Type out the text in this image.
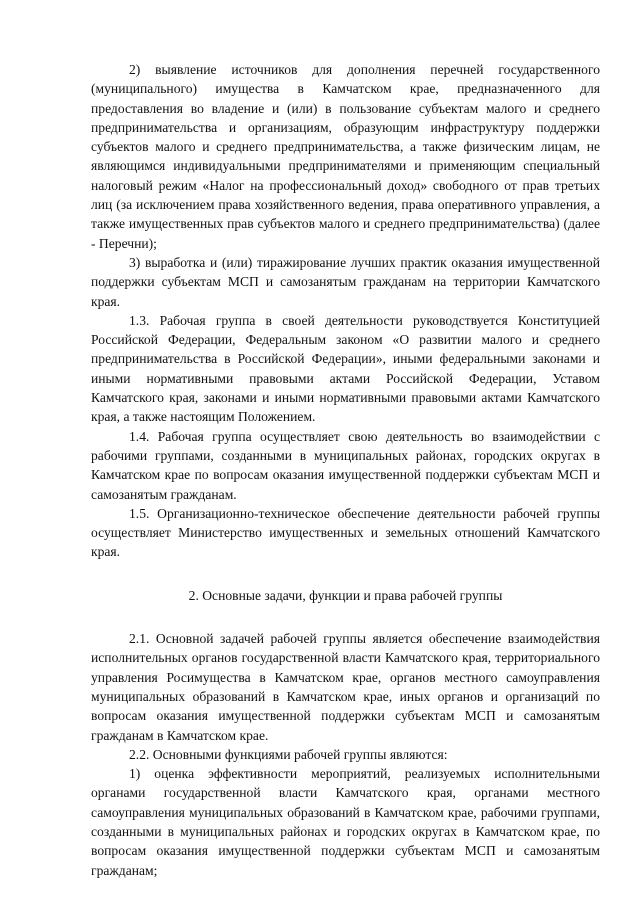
2) выявление источников для дополнения перечней государственного (муниципального) имущества в Камчатском крае, предназначенного для предоставления во владение и (или) в пользование субъектам малого и среднего предпринимательства и организациям, образующим инфраструктуру поддержки субъектов малого и среднего предпринимательства, а также физическим лицам, не являющимся индивидуальными предпринимателями и применяющим специальный налоговый режим «Налог на профессиональный доход» свободного от прав третьих лиц (за исключением права хозяйственного ведения, права оперативного управления, а также имущественных прав субъектов малого и среднего предпринимательства) (далее - Перечни);

3) выработка и (или) тиражирование лучших практик оказания имущественной поддержки субъектам МСП и самозанятым гражданам на территории Камчатского края.

1.3. Рабочая группа в своей деятельности руководствуется Конституцией Российской Федерации, Федеральным законом «О развитии малого и среднего предпринимательства в Российской Федерации», иными федеральными законами и иными нормативными правовыми актами Российской Федерации, Уставом Камчатского края, законами и иными нормативными правовыми актами Камчатского края, а также настоящим Положением.

1.4. Рабочая группа осуществляет свою деятельность во взаимодействии с рабочими группами, созданными в муниципальных районах, городских округах в Камчатском крае по вопросам оказания имущественной поддержки субъектам МСП и самозанятым гражданам.

1.5. Организационно-техническое обеспечение деятельности рабочей группы осуществляет Министерство имущественных и земельных отношений Камчатского края.

2. Основные задачи, функции и права рабочей группы

2.1. Основной задачей рабочей группы является обеспечение взаимодействия исполнительных органов государственной власти Камчатского края, территориального управления Росимущества в Камчатском крае, органов местного самоуправления муниципальных образований в Камчатском крае, иных органов и организаций по вопросам оказания имущественной поддержки субъектам МСП и самозанятым гражданам в Камчатском крае.

2.2. Основными функциями рабочей группы являются:

1) оценка эффективности мероприятий, реализуемых исполнительными органами государственной власти Камчатского края, органами местного самоуправления муниципальных образований в Камчатском крае, рабочими группами, созданными в муниципальных районах и городских округах в Камчатском крае, по вопросам оказания имущественной поддержки субъектам МСП и самозанятым гражданам;
